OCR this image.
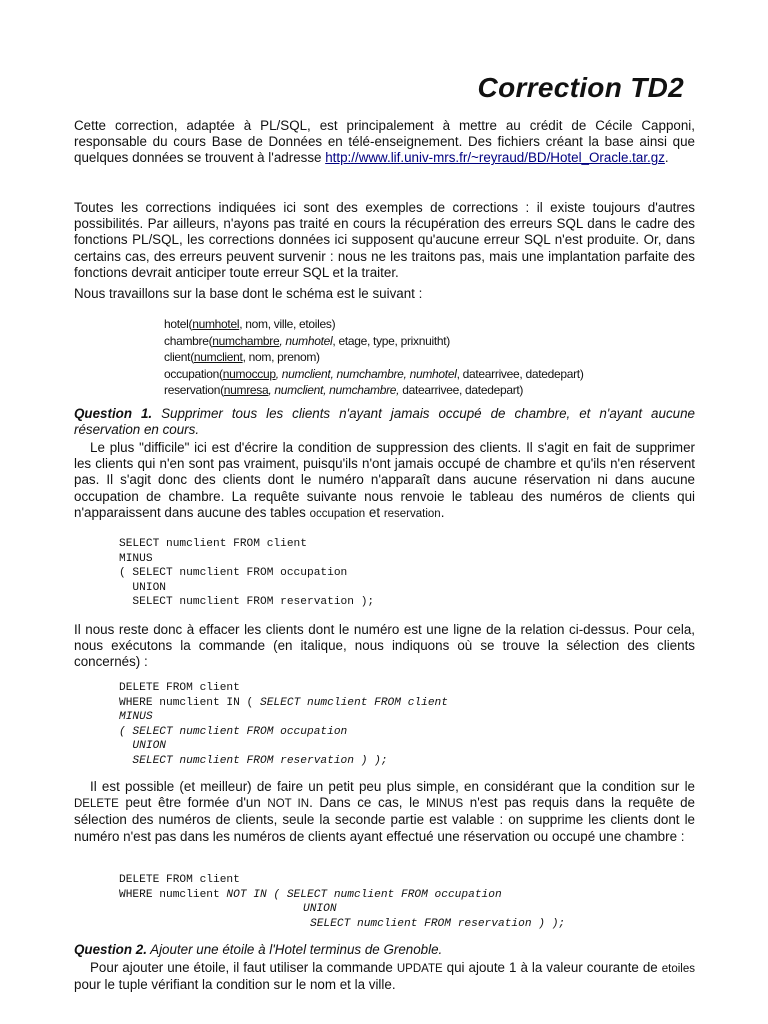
Correction TD2

Cette correction, adaptée à PL/SQL, est principalement à mettre au crédit de Cécile Capponi, responsable du cours Base de Données en télé-enseignement. Des fichiers créant la base ainsi que quelques données se trouvent à l'adresse http://www.lif.univ-mrs.fr/~reyraud/BD/Hotel_Oracle.tar.gz.

Toutes les corrections indiquées ici sont des exemples de corrections : il existe toujours d'autres possibilités. Par ailleurs, n'ayons pas traité en cours la récupération des erreurs SQL dans le cadre des fonctions PL/SQL, les corrections données ici supposent qu'aucune erreur SQL n'est produite. Or, dans certains cas, des erreurs peuvent survenir : nous ne les traitons pas, mais une implantation parfaite des fonctions devrait anticiper toute erreur SQL et la traiter.

Nous travaillons sur la base dont le schéma est le suivant :

hotel(numhotel, nom, ville, etoiles)
chambre(numchambre, numhotel, etage, type, prixnuitht)
client(numclient, nom, prenom)
occupation(numoccup, numclient, numchambre, numhotel, datearrivee, datedepart)
reservation(numresa, numclient, numchambre, datearrivee, datedepart)

Question 1. Supprimer tous les clients n'ayant jamais occupé de chambre, et n'ayant aucune réservation en cours.

Le plus "difficile" ici est d'écrire la condition de suppression des clients. Il s'agit en fait de supprimer les clients qui n'en sont pas vraiment, puisqu'ils n'ont jamais occupé de chambre et qu'ils n'en réservent pas. Il s'agit donc des clients dont le numéro n'apparaît dans aucune réservation ni dans aucune occupation de chambre. La requête suivante nous renvoie le tableau des numéros de clients qui n'apparaissent dans aucune des tables occupation et reservation.

SELECT numclient FROM client
MINUS
( SELECT numclient FROM occupation
UNION
SELECT numclient FROM reservation );

Il nous reste donc à effacer les clients dont le numéro est une ligne de la relation ci-dessus. Pour cela, nous exécutons la commande (en italique, nous indiquons où se trouve la sélection des clients concernés) :

DELETE FROM client
WHERE numclient IN ( SELECT numclient FROM client
MINUS
( SELECT numclient FROM occupation
UNION
SELECT numclient FROM reservation ) );

Il est possible (et meilleur) de faire un petit peu plus simple, en considérant que la condition sur le DELETE peut être formée d'un NOT IN. Dans ce cas, le MINUS n'est pas requis dans la requête de sélection des numéros de clients, seule la seconde partie est valable : on supprime les clients dont le numéro n'est pas dans les numéros de clients ayant effectué une réservation ou occupé une chambre :

DELETE FROM client
WHERE numclient NOT IN ( SELECT numclient FROM occupation
UNION
SELECT numclient FROM reservation ) );

Question 2. Ajouter une étoile à l'Hotel terminus de Grenoble.

Pour ajouter une étoile, il faut utiliser la commande UPDATE qui ajoute 1 à la valeur courante de etoiles pour le tuple vérifiant la condition sur le nom et la ville.
